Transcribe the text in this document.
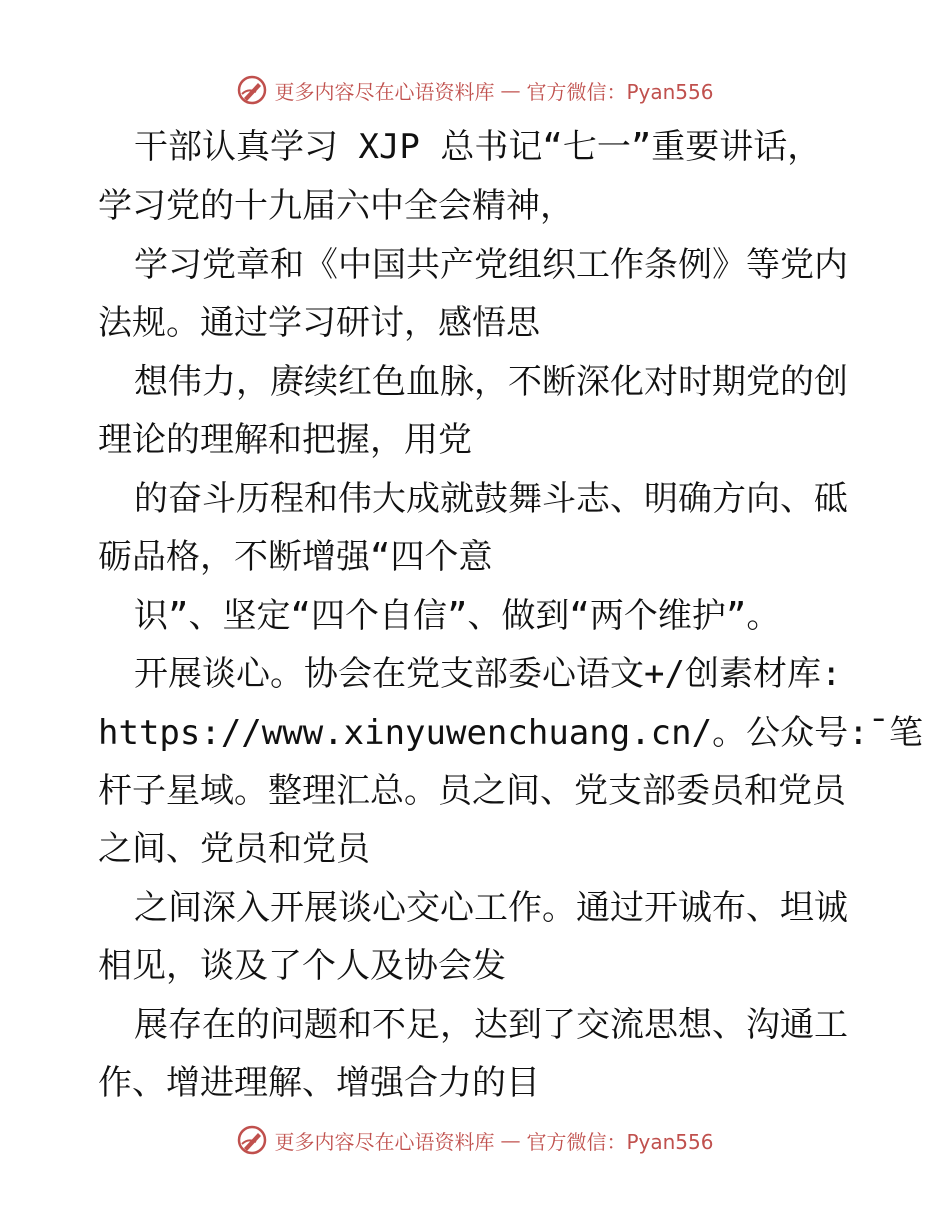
更多内容尽在心语资料库 — 官方微信：Pyan556
干部认真学习 XJP 总书记“七一”重要讲话，
学习党的十九届六中全会精神，
学习党章和《中国共产党组织工作条例》等党内
法规。通过学习研讨，感悟思
想伟力，赓续红色血脉，不断深化对时期党的创
理论的理解和把握，用党
的奋斗历程和伟大成就鼓舞斗志、明确方向、砥
砺品格，不断增强“四个意
识”、坚定“四个自信”、做到“两个维护”。
开展谈心。协会在党支部委心语文+/创素材库:
https://www.xinyuwenchuang.cn/。公众号:¯笔
杆子星域。整理汇总。员之间、党支部委员和党员
之间、党员和党员
之间深入开展谈心交心工作。通过开诚布、坦诚
相见，谈及了个人及协会发
展存在的问题和不足，达到了交流思想、沟通工
作、增进理解、增强合力的目
更多内容尽在心语资料库 — 官方微信：Pyan556
